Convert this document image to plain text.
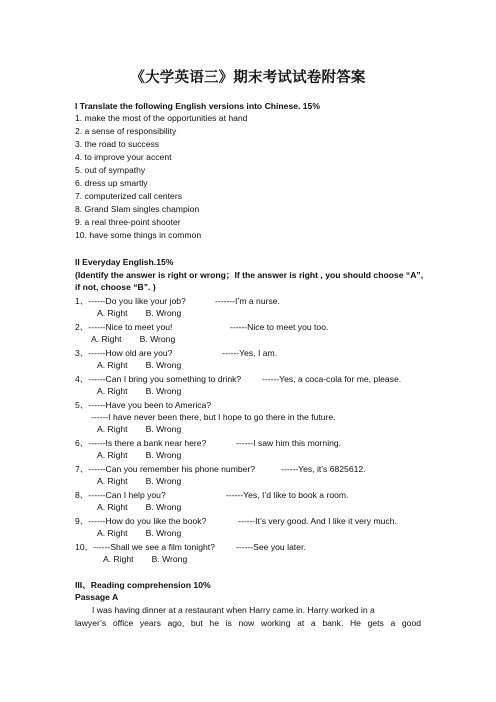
《大学英语三》期末考试试卷附答案
I Translate the following English versions into Chinese. 15%
1. make the most of the opportunities at hand
2. a sense of responsibility
3. the road to success
4. to improve your accent
5. out of sympathy
6. dress up smartly
7. computerized call centers
8. Grand Slam singles champion
9. a real three-point shooter
10. have some things in common
II Everyday English.15%
(Identify the answer is right or wrong；If the answer is right , you should choose “A”,
if not, choose “B”. )
1、------Do you like your job?	-------I’m a nurse.
A. Right B. Wrong
2、------Nice to meet you!	------Nice to meet you too.
A. Right B. Wrong
3、------How old are you?	------Yes, I am.
A. Right B. Wrong
4、------Can I bring you something to drink? ------Yes, a coca-cola for me, please.
A. Right B. Wrong
5、------Have you been to America?
------I have never been there, but I hope to go there in the future.
A. Right B. Wrong
6、------Is there a bank near here?	------I saw him this morning.
A. Right B. Wrong
7、------Can you remember his phone number?	------Yes, it’s 6825612.
A. Right B. Wrong
8、------Can I help you?	------Yes, I’d like to book a room.
A. Right B. Wrong
9、------How do you like the book?	------It’s very good. And I like it very much.
A. Right B. Wrong
10、------Shall we see a film tonight? ------See you later.
A. Right B. Wrong
III、Reading comprehension 10%
Passage A
I was having dinner at a restaurant when Harry came in. Harry worked in a
lawyer’s office years ago, but he is now working at a bank. He gets a good
